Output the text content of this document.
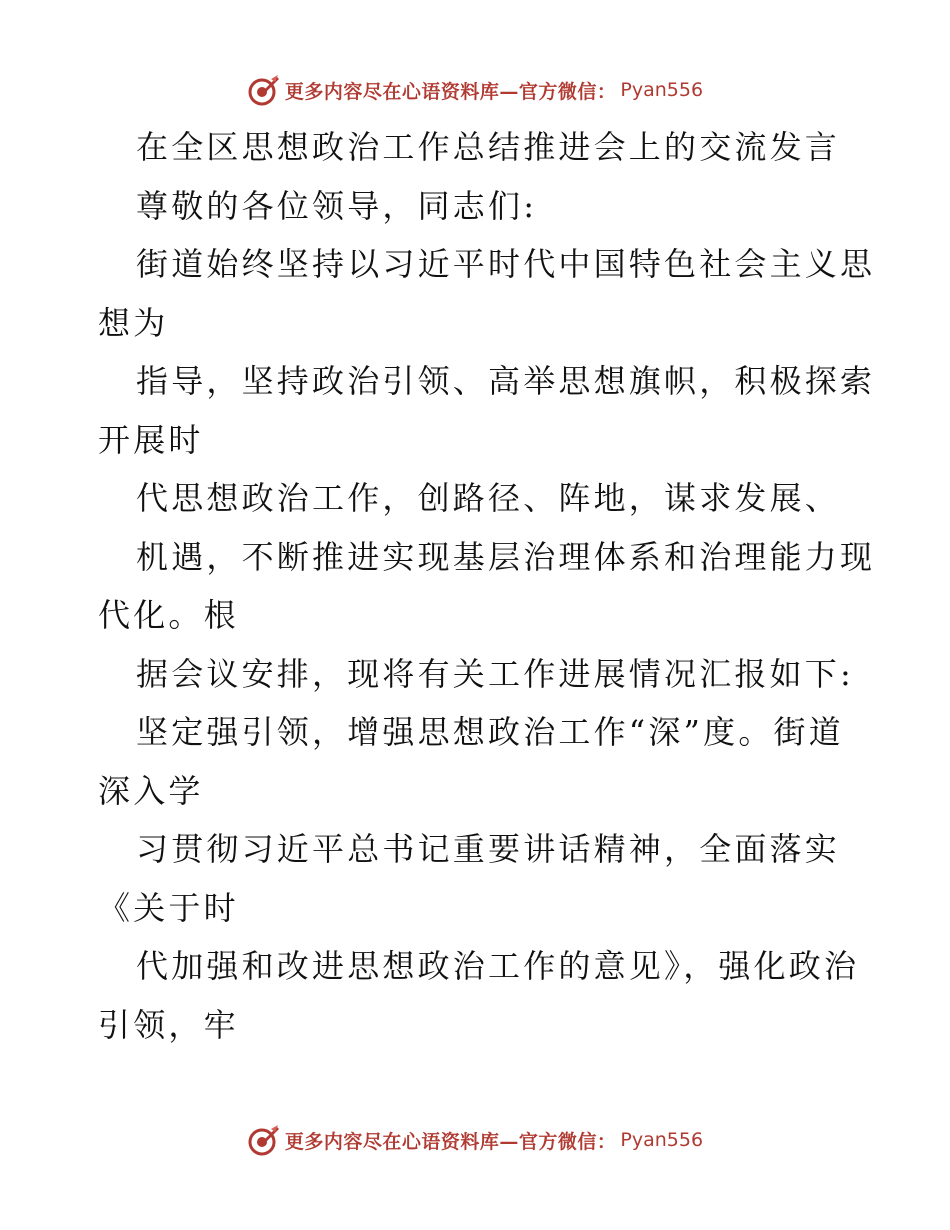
更多内容尽在心语资料库—官方微信： Pyan556
在全区思想政治工作总结推进会上的交流发言
尊敬的各位领导，同志们:
街道始终坚持以习近平时代中国特色社会主义思
想为
指导，坚持政治引领、高举思想旗帜，积极探索
开展时
代思想政治工作，创路径、阵地，谋求发展、
机遇，不断推进实现基层治理体系和治理能力现
代化。根
据会议安排，现将有关工作进展情况汇报如下:
坚定强引领，增强思想政治工作“深”度。街道
深入学
习贯彻习近平总书记重要讲话精神，全面落实
《关于时
代加强和改进思想政治工作的意见》，强化政治
引领，牢
更多内容尽在心语资料库—官方微信： Pyan556
